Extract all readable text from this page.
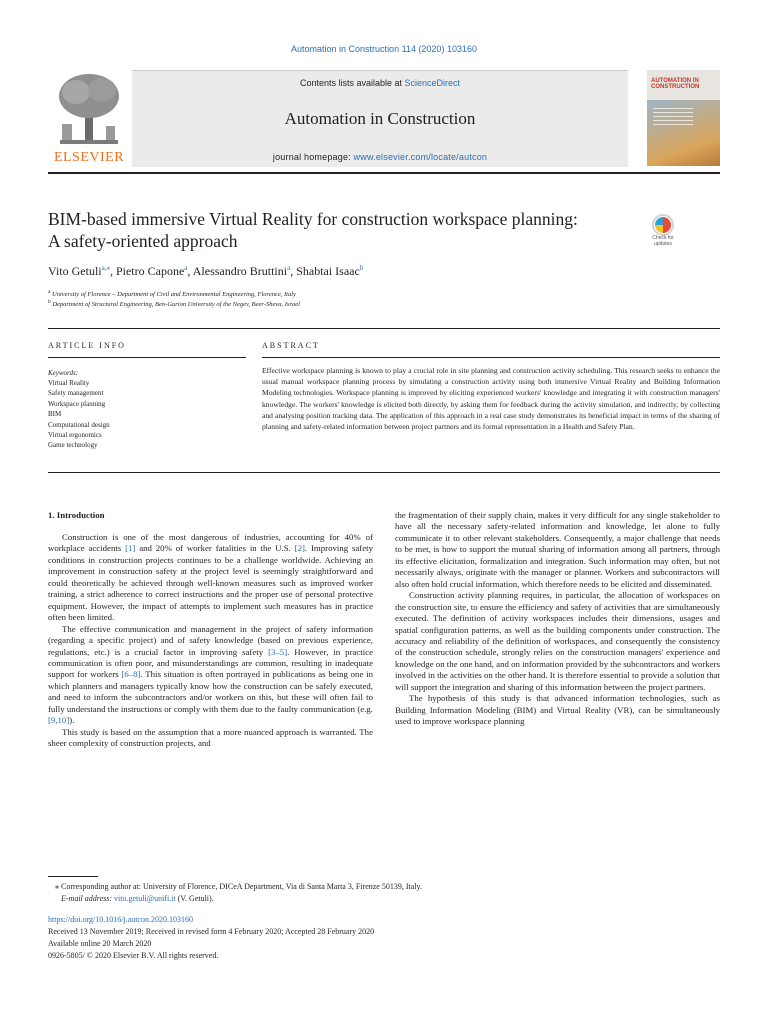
Automation in Construction 114 (2020) 103160
ELSEVIER
Contents lists available at ScienceDirect
Automation in Construction
journal homepage: www.elsevier.com/locate/autcon
AUTOMATION IN
CONSTRUCTION
BIM-based immersive Virtual Reality for construction workspace planning:
A safety-oriented approach	Check for
updates
Vito Getuli$^{a,⁎}$, Pietro Capone$^a$, Alessandro Bruttini$^a$, Shabtai Isaac$^b$
$^a$ University of Florence – Department of Civil and Environmental Engineering, Florence, Italy
$^b$ Department of Structural Engineering, Ben-Gurion University of the Negev, Beer-Sheva, Israel
ARTICLE INFO	ABSTRACT
Keywords:
Virtual Reality
Safety management
Workspace planning
BIM
Computational design
Virtual ergonomics
Game technology
Effective workspace planning is known to play a crucial role in site planning and construction activity scheduling. This research seeks to enhance the usual manual workspace planning process by simulating a construction activity using both immersive Virtual Reality and Building Information Modeling technologies. Workspace planning is improved by eliciting experienced workers' knowledge and integrating it with construction managers' knowledge. The workers' knowledge is elicited both directly, by asking them for feedback during the activity simulation, and indirectly, by collecting and analysing position tracking data. The application of this approach in a real case study demonstrates its beneficial impact in terms of the sharing of planning and safety-related information between project partners and its formal representation in a Health and Safety Plan.
1. Introduction

Construction is one of the most dangerous of industries, accounting for 40% of workplace accidents [1] and 20% of worker fatalities in the U.S. [2]. Improving safety conditions in construction projects continues to be a challenge worldwide. Achieving an improvement in construction safety at the project level is seemingly straightforward and could theoretically be achieved through well-known measures such as improved worker training, a strict adherence to correct instructions and the proper use of personal protective equipment. However, the impact of attempts to implement such measures has in practice often been limited.

The effective communication and management in the project of safety information (regarding a specific project) and of safety knowledge (based on previous experience, regulations, etc.) is a crucial factor in improving safety [3–5]. However, in practice communication is often poor, and misunderstandings are common, resulting in inadequate support for workers [6–8]. This situation is often portrayed in publications as being one in which planners and managers typically know how the construction can be safely executed, and need to inform the subcontractors and/or workers on this, but these will often fail to fully understand the instructions or comply with them due to the faulty communication (e.g. [9,10]).

This study is based on the assumption that a more nuanced approach is warranted. The sheer complexity of construction projects, and

the fragmentation of their supply chain, makes it very difficult for any single stakeholder to have all the necessary safety-related information and knowledge, let alone to fully communicate it to other relevant stakeholders. Consequently, a major challenge that needs to be met, is how to support the mutual sharing of information among all partners, through its effective elicitation, formalization and integration. Such information may often, but not necessarily always, originate with the manager or planner. Workers and subcontractors will also often hold crucial information, which therefore needs to be elicited and disseminated.

Construction activity planning requires, in particular, the allocation of workspaces on the construction site, to ensure the efficiency and safety of activities that are simultaneously executed. The definition of activity workspaces includes their dimensions, usages and spatial configuration patterns, as well as the building components under construction. The accuracy and reliability of the definition of workspaces, and consequently the consistency of the construction schedule, strongly relies on the construction managers' experience and knowledge on the one hand, and on information provided by the subcontractors and workers involved in the activities on the other hand. It is therefore essential to provide a solution that will support the integration and sharing of this information between the project partners.

The hypothesis of this study is that advanced information technologies, such as Building Information Modeling (BIM) and Virtual Reality (VR), can be simultaneously used to improve workspace planning

⁎ Corresponding author at: University of Florence, DICeA Department, Via di Santa Marta 3, Firenze 50139, Italy.
E-mail address: vito.getuli@unifi.it (V. Getuli).
https://doi.org/10.1016/j.autcon.2020.103160
Received 13 November 2019; Received in revised form 4 February 2020; Accepted 28 February 2020
Available online 20 March 2020
0926-5805/ © 2020 Elsevier B.V. All rights reserved.
